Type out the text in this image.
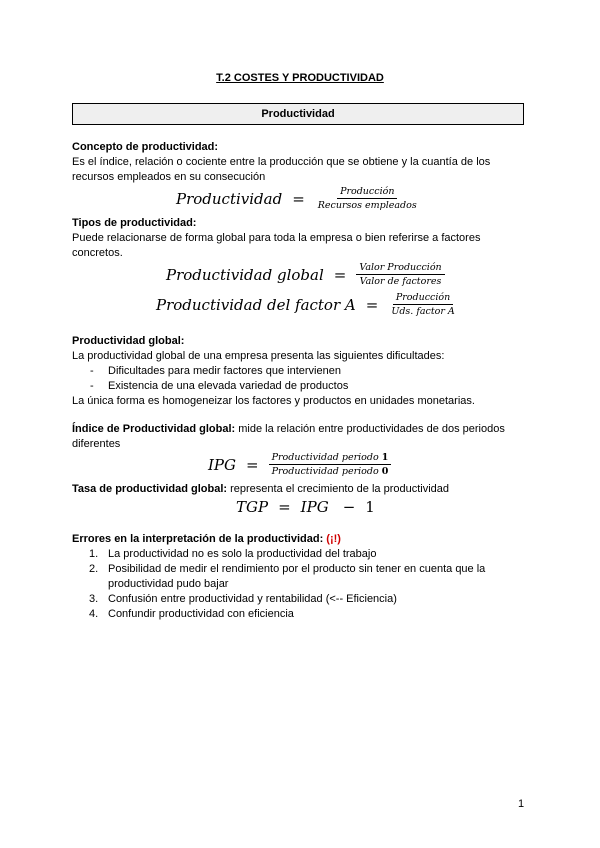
T.2 COSTES Y PRODUCTIVIDAD
Productividad
Concepto de productividad:
Es el índice, relación o cociente entre la producción que se obtiene y la cuantía de los recursos empleados en su consecución
Productividad = $\frac{\text{Producción}}{\text{Recursos empleados}}$
Tipos de productividad:
Puede relacionarse de forma global para toda la empresa o bien referirse a factores concretos.
Productividad global = $\frac{\text{Valor Producción}}{\text{Valor de factores}}$
Productividad del factor $A = \frac{\text{Producción}}{\text{Uds. factor A}}$
Productividad global:
La productividad global de una empresa presenta las siguientes dificultades:
- Dificultades para medir factores que intervienen
- Existencia de una elevada variedad de productos
La única forma es homogeneizar los factores y productos en unidades monetarias.
Índice de Productividad global: mide la relación entre productividades de dos periodos diferentes
IPG = $\frac{\text{Productividad periodo 1}}{\text{Productividad periodo 0}}$
Tasa de productividad global: representa el crecimiento de la productividad
TGP = IPG − 1
Errores en la interpretación de la productividad: (¡!)
1. La productividad no es solo la productividad del trabajo
2. Posibilidad de medir el rendimiento por el producto sin tener en cuenta que la productividad pudo bajar
3. Confusión entre productividad y rentabilidad (<-- Eficiencia)
4. Confundir productividad con eficiencia
1
